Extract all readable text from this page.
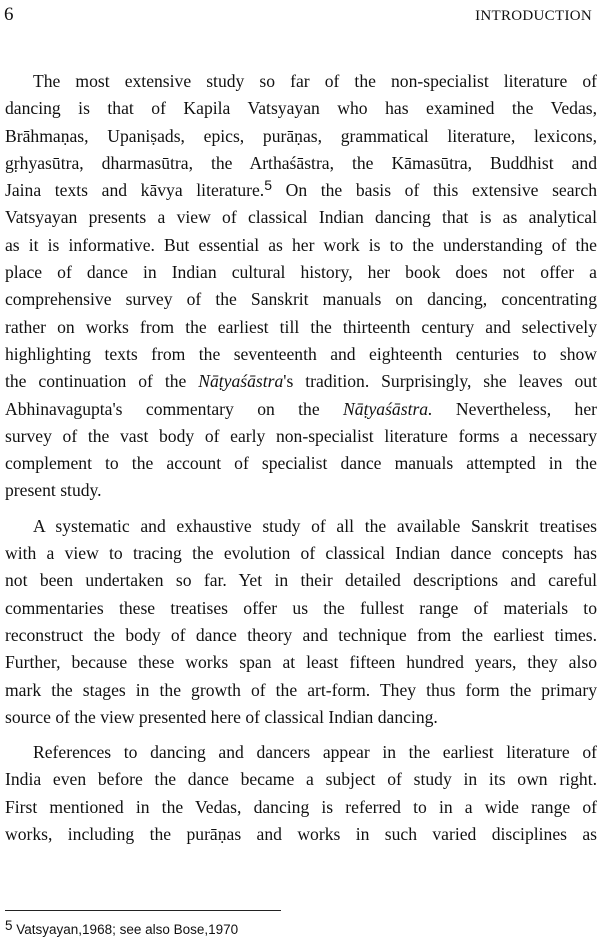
6	INTRODUCTION
The most extensive study so far of the non-specialist literature of
dancing is that of Kapila Vatsyayan who has examined the Vedas,
Brāhmaṇas, Upaniṣads, epics, purāṇas, grammatical literature, lexicons,
gṛhyasūtra, dharmasūtra, the Arthaśāstra, the Kāmasūtra, Buddhist and
Jaina texts and kāvya literature.$^5$ On the basis of this extensive search
Vatsyayan presents a view of classical Indian dancing that is as analytical
as it is informative. But essential as her work is to the understanding of the
place of dance in Indian cultural history, her book does not offer a
comprehensive survey of the Sanskrit manuals on dancing, concentrating
rather on works from the earliest till the thirteenth century and selectively
highlighting texts from the seventeenth and eighteenth centuries to show
the continuation of the Nāṭyaśāstra's tradition. Surprisingly, she leaves out
Abhinavagupta's commentary on the Nāṭyaśāstra. Nevertheless, her
survey of the vast body of early non-specialist literature forms a necessary
complement to the account of specialist dance manuals attempted in the
present study.
A systematic and exhaustive study of all the available Sanskrit treatises
with a view to tracing the evolution of classical Indian dance concepts has
not been undertaken so far. Yet in their detailed descriptions and careful
commentaries these treatises offer us the fullest range of materials to
reconstruct the body of dance theory and technique from the earliest times.
Further, because these works span at least fifteen hundred years, they also
mark the stages in the growth of the art-form. They thus form the primary
source of the view presented here of classical Indian dancing.
References to dancing and dancers appear in the earliest literature of
India even before the dance became a subject of study in its own right.
First mentioned in the Vedas, dancing is referred to in a wide range of
works, including the purāṇas and works in such varied disciplines as
5 Vatsyayan,1968; see also Bose,1970
